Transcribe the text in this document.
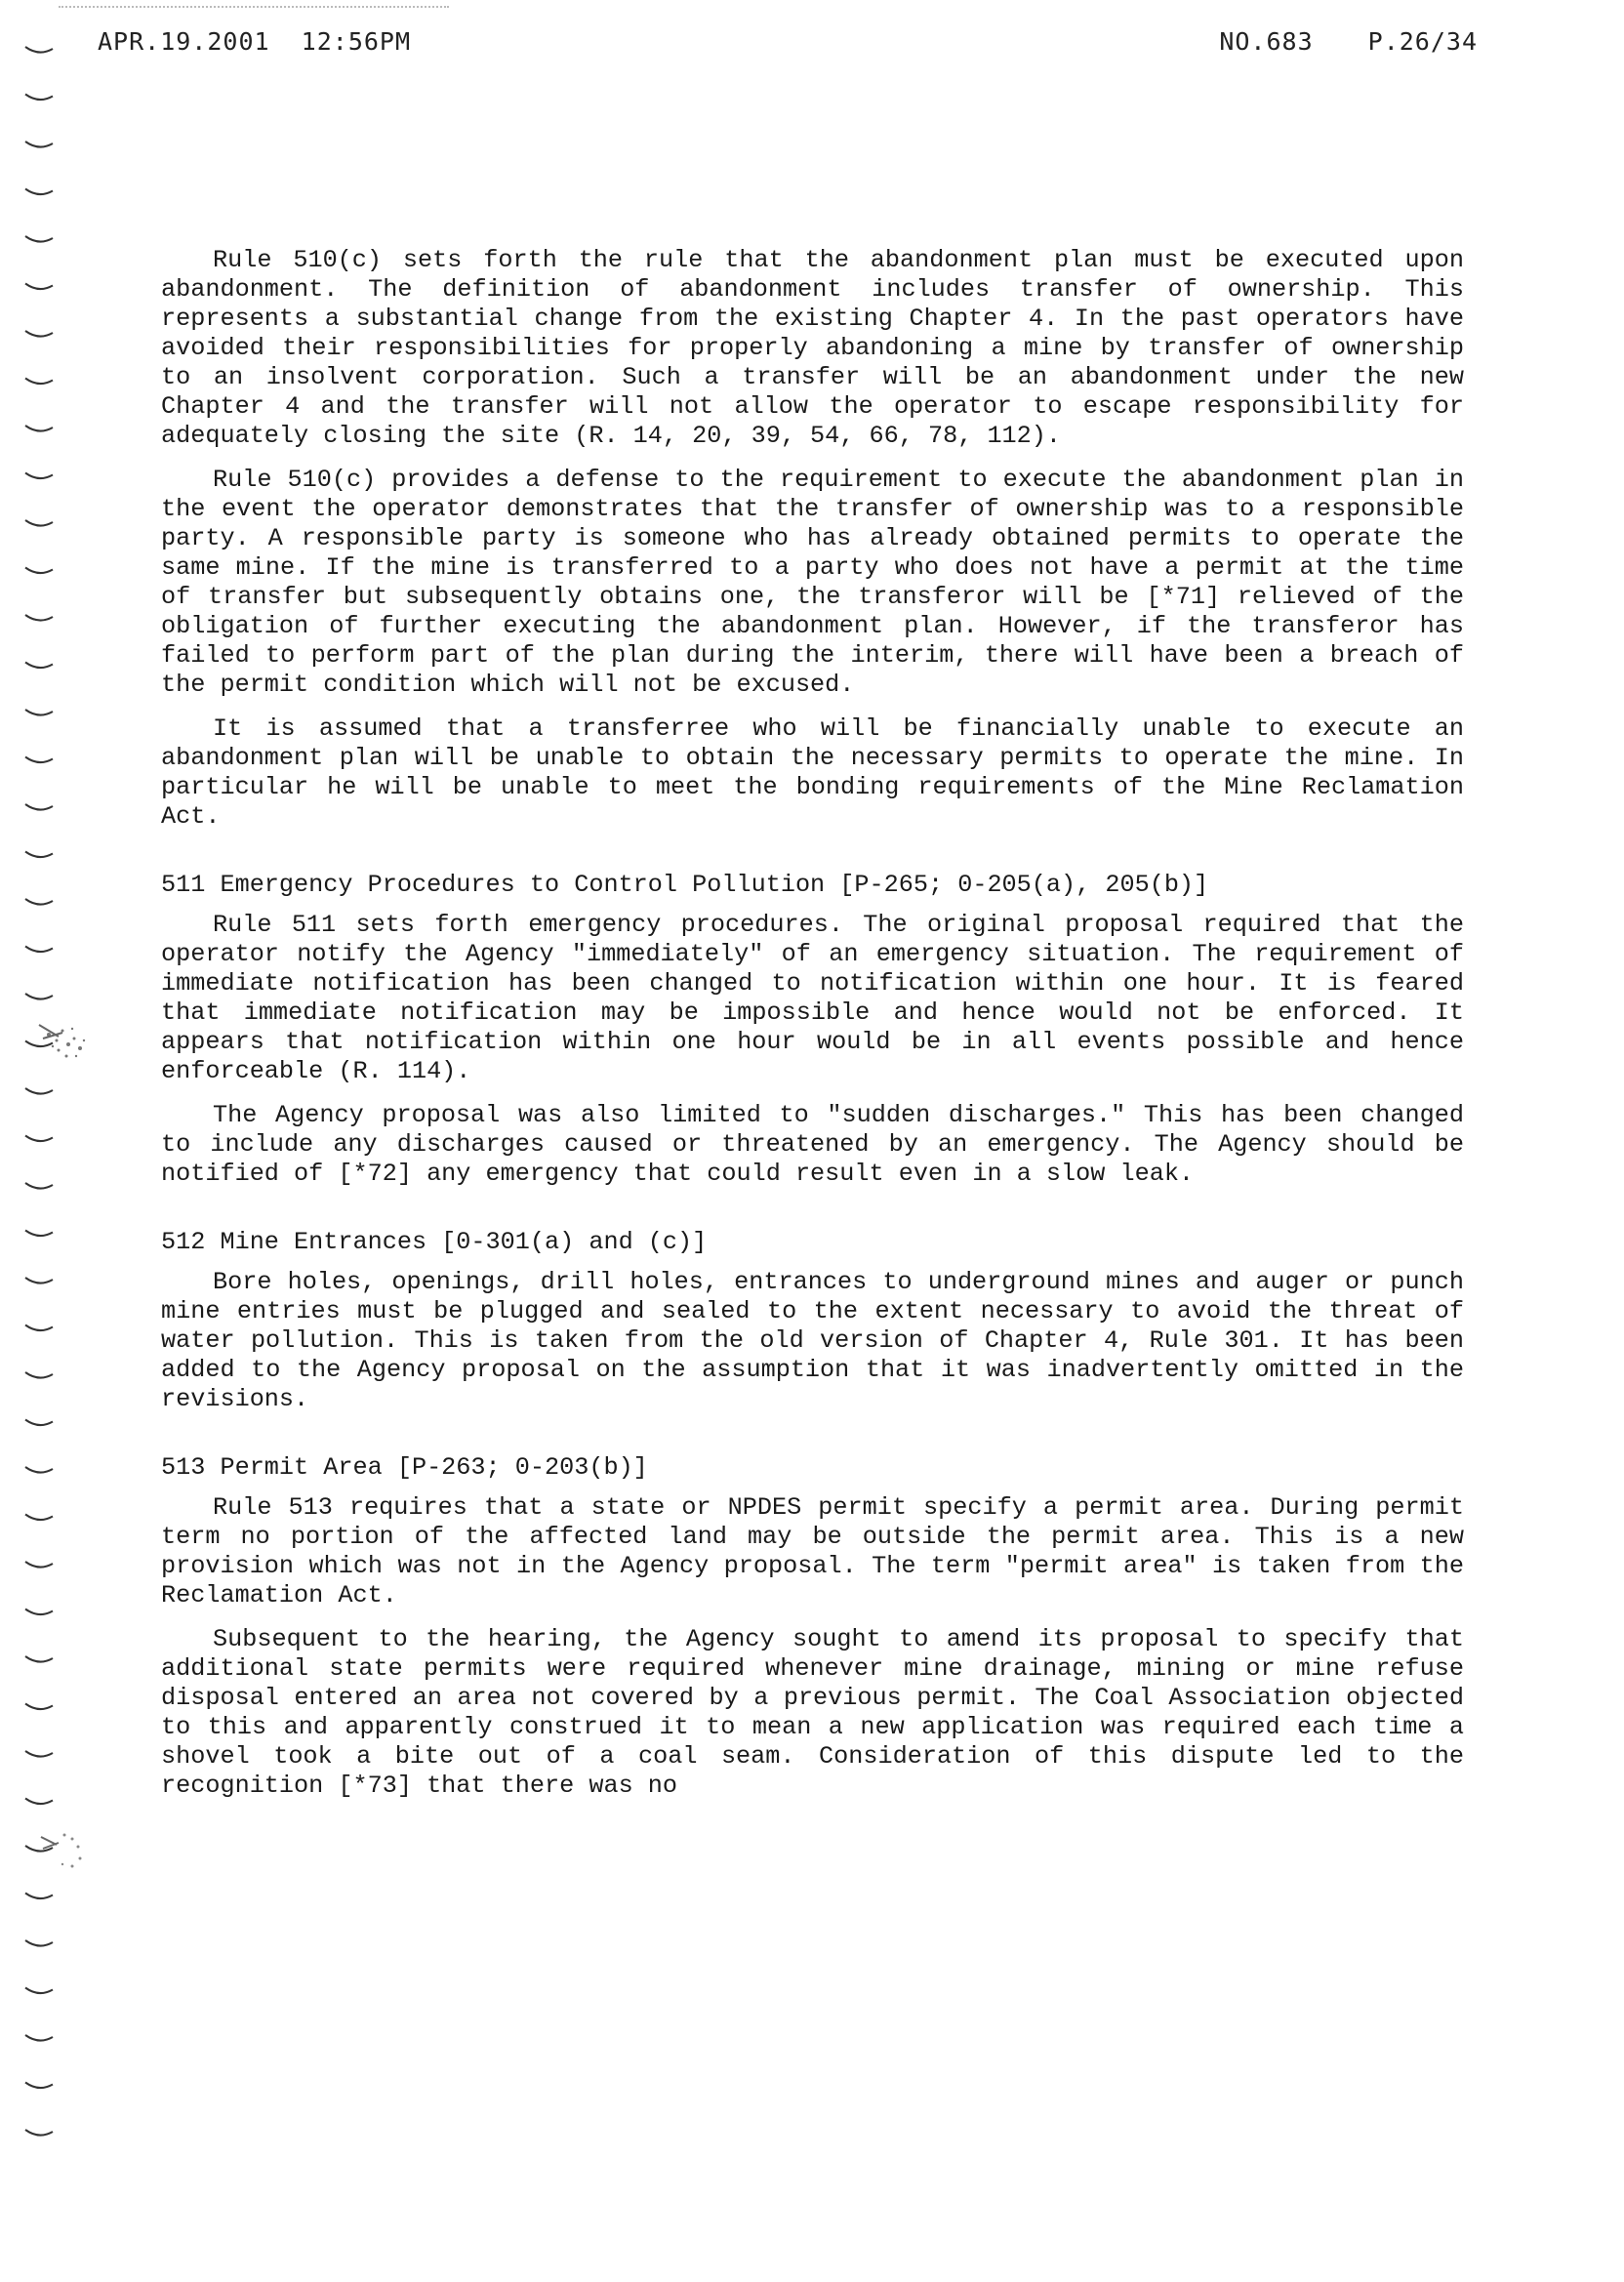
APR.19.2001  12:56PM	NO.683 P.26/34

Rule 510(c) sets forth the rule that the abandonment plan must be executed upon abandonment. The definition of abandonment includes transfer of ownership. This represents a substantial change from the existing Chapter 4. In the past operators have avoided their responsibilities for properly abandoning a mine by transfer of ownership to an insolvent corporation. Such a transfer will be an abandonment under the new Chapter 4 and the transfer will not allow the operator to escape responsibility for adequately closing the site (R. 14, 20, 39, 54, 66, 78, 112).

Rule 510(c) provides a defense to the requirement to execute the abandonment plan in the event the operator demonstrates that the transfer of ownership was to a responsible party. A responsible party is someone who has already obtained permits to operate the same mine. If the mine is transferred to a party who does not have a permit at the time of transfer but subsequently obtains one, the transferor will be [*71] relieved of the obligation of further executing the abandonment plan. However, if the transferor has failed to perform part of the plan during the interim, there will have been a breach of the permit condition which will not be excused.

It is assumed that a transferree who will be financially unable to execute an abandonment plan will be unable to obtain the necessary permits to operate the mine. In particular he will be unable to meet the bonding requirements of the Mine Reclamation Act.

511 Emergency Procedures to Control Pollution [P-265; 0-205(a), 205(b)]

Rule 511 sets forth emergency procedures. The original proposal required that the operator notify the Agency "immediately" of an emergency situation. The requirement of immediate notification has been changed to notification within one hour. It is feared that immediate notification may be impossible and hence would not be enforced. It appears that notification within one hour would be in all events possible and hence enforceable (R. 114).

The Agency proposal was also limited to "sudden discharges." This has been changed to include any discharges caused or threatened by an emergency. The Agency should be notified of [*72] any emergency that could result even in a slow leak.

512 Mine Entrances [0-301(a) and (c)]

Bore holes, openings, drill holes, entrances to underground mines and auger or punch mine entries must be plugged and sealed to the extent necessary to avoid the threat of water pollution. This is taken from the old version of Chapter 4, Rule 301. It has been added to the Agency proposal on the assumption that it was inadvertently omitted in the revisions.

513 Permit Area [P-263; 0-203(b)]

Rule 513 requires that a state or NPDES permit specify a permit area. During permit term no portion of the affected land may be outside the permit area. This is a new provision which was not in the Agency proposal. The term "permit area" is taken from the Reclamation Act.

Subsequent to the hearing, the Agency sought to amend its proposal to specify that additional state permits were required whenever mine drainage, mining or mine refuse disposal entered an area not covered by a previous permit. The Coal Association objected to this and apparently construed it to mean a new application was required each time a shovel took a bite out of a coal seam. Consideration of this dispute led to the recognition [*73] that there was no
